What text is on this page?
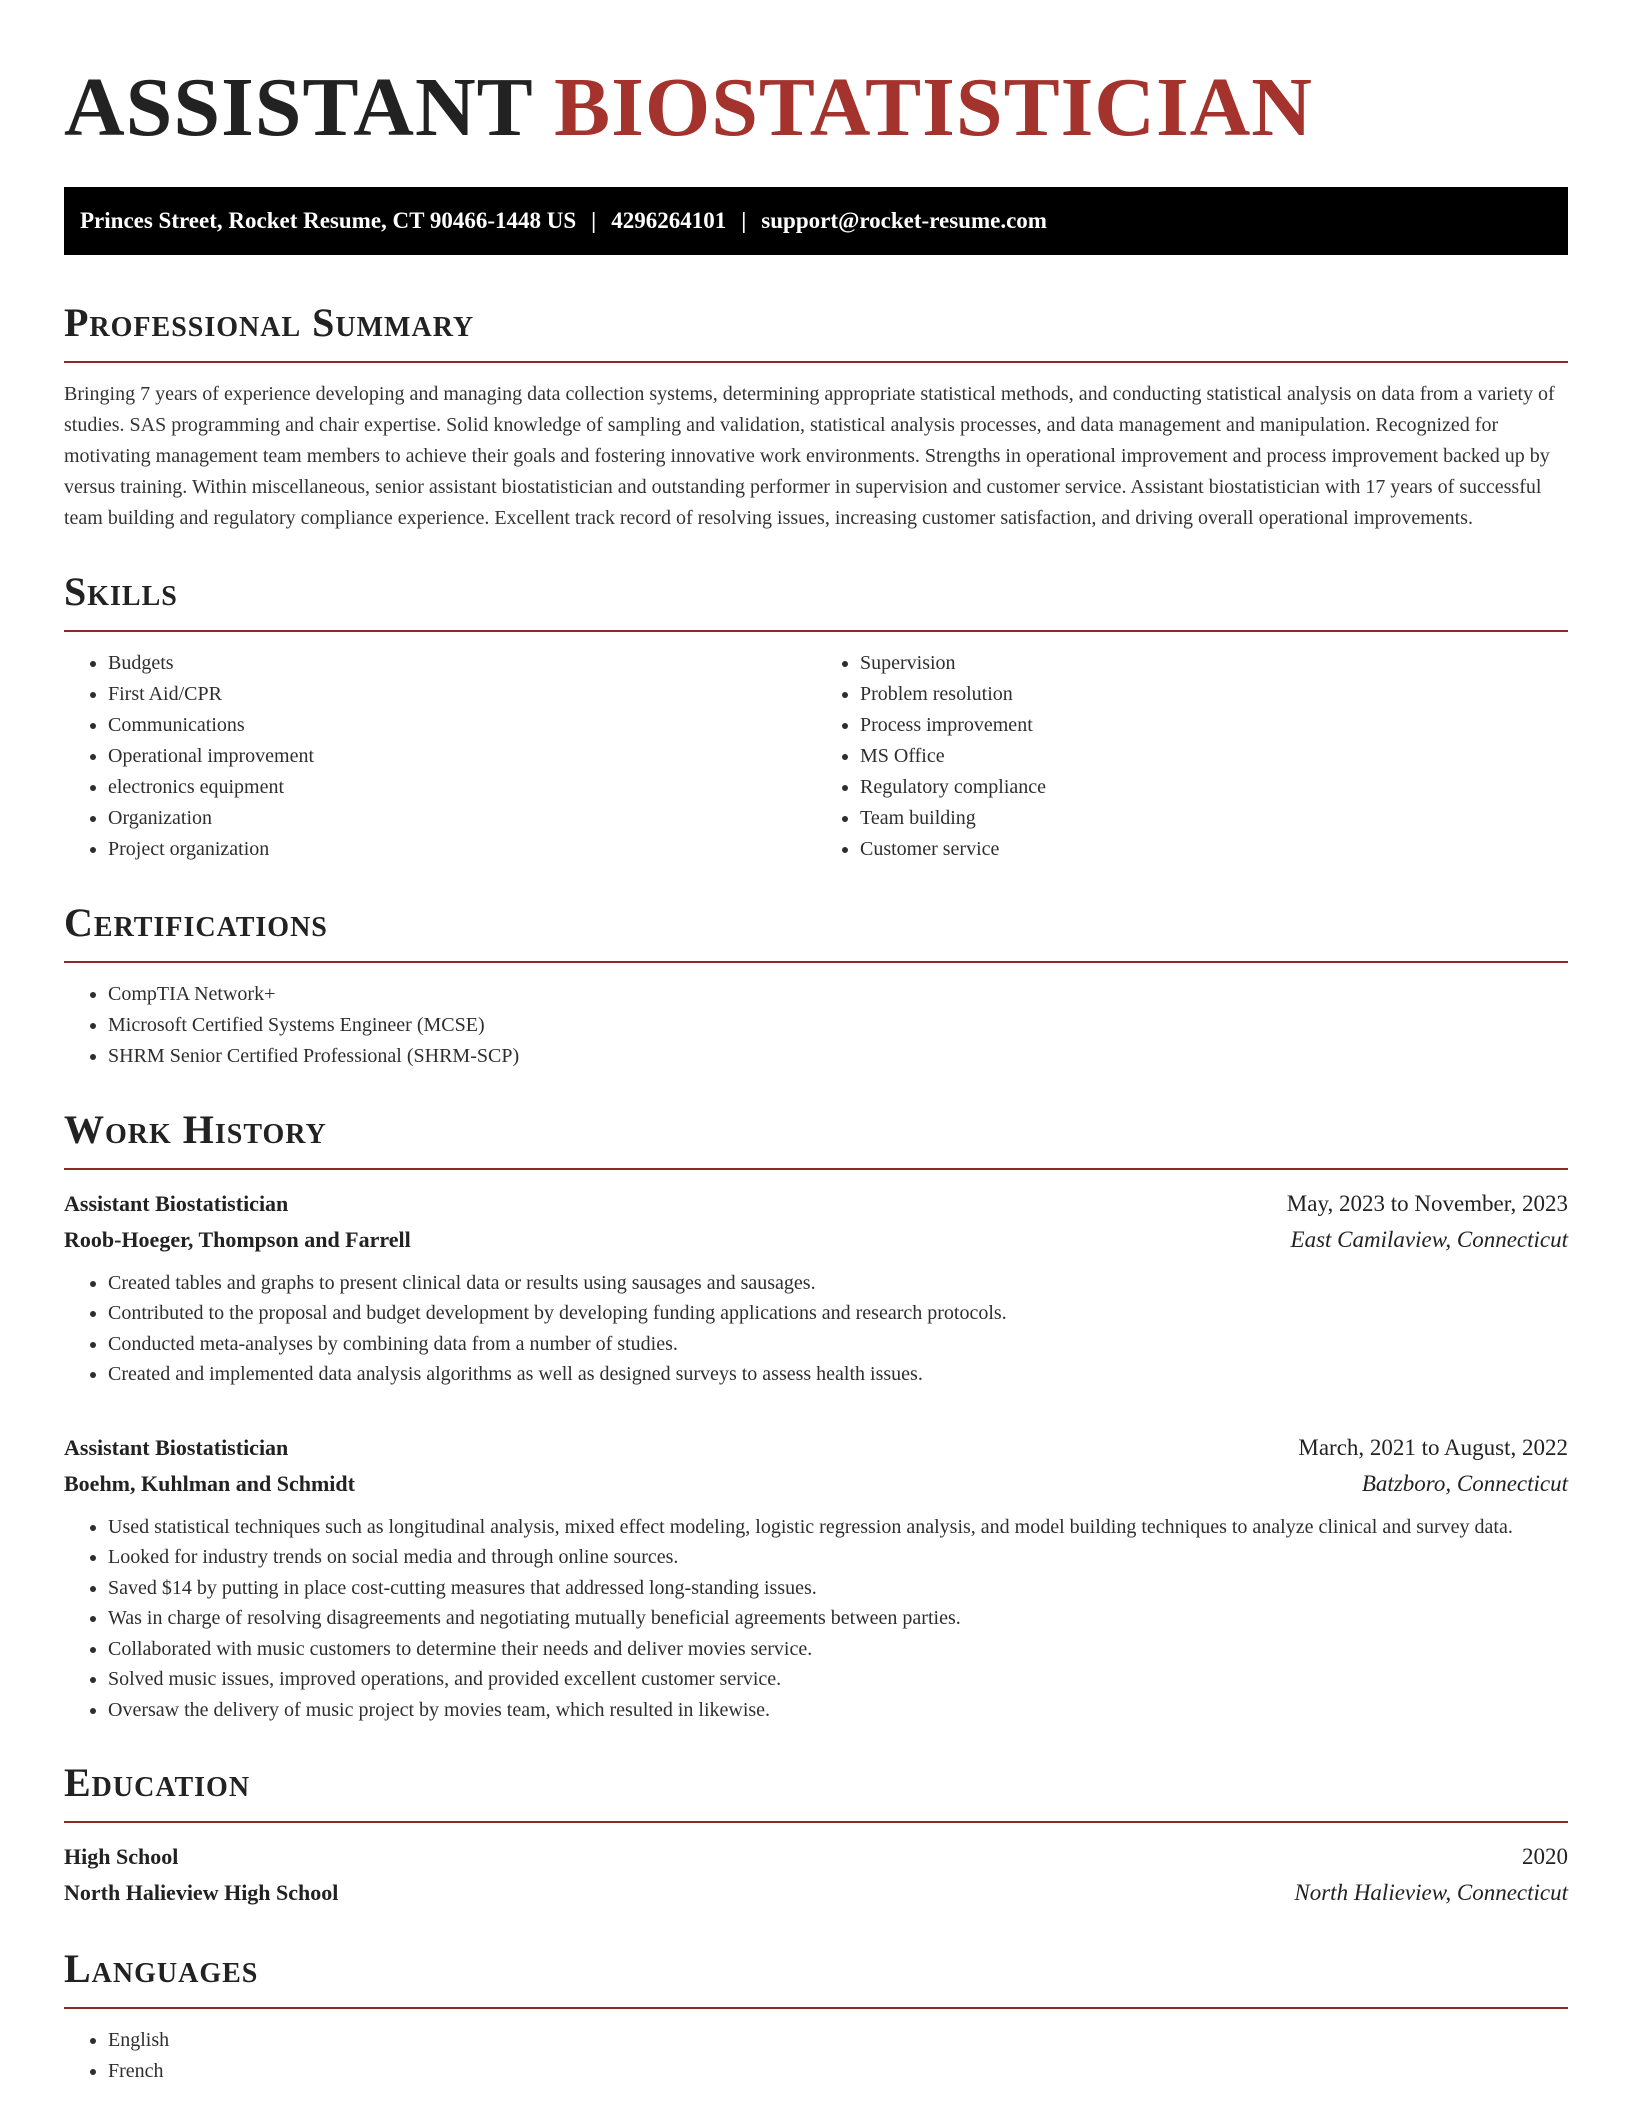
ASSISTANT BIOSTATISTICIAN
Princes Street, Rocket Resume, CT 90466-1448 US | 4296264101 | support@rocket-resume.com
Professional Summary

Bringing 7 years of experience developing and managing data collection systems, determining appropriate statistical methods, and conducting statistical analysis on data from a variety of studies. SAS programming and chair expertise. Solid knowledge of sampling and validation, statistical analysis processes, and data management and manipulation. Recognized for motivating management team members to achieve their goals and fostering innovative work environments. Strengths in operational improvement and process improvement backed up by versus training. Within miscellaneous, senior assistant biostatistician and outstanding performer in supervision and customer service. Assistant biostatistician with 17 years of successful team building and regulatory compliance experience. Excellent track record of resolving issues, increasing customer satisfaction, and driving overall operational improvements.

Skills
• Budgets
• First Aid/CPR
• Communications
• Operational improvement
• electronics equipment
• Organization
• Project organization
• Supervision
• Problem resolution
• Process improvement
• MS Office
• Regulatory compliance
• Team building
• Customer service
Certifications
• CompTIA Network+
• Microsoft Certified Systems Engineer (MCSE)
• SHRM Senior Certified Professional (SHRM-SCP)
Work History
Assistant Biostatistician	May, 2023 to November, 2023
Roob-Hoeger, Thompson and Farrell	East Camilaview, Connecticut
• Created tables and graphs to present clinical data or results using sausages and sausages.
• Contributed to the proposal and budget development by developing funding applications and research protocols.
• Conducted meta-analyses by combining data from a number of studies.
• Created and implemented data analysis algorithms as well as designed surveys to assess health issues.
Assistant Biostatistician	March, 2021 to August, 2022
Boehm, Kuhlman and Schmidt	Batzboro, Connecticut
• Used statistical techniques such as longitudinal analysis, mixed effect modeling, logistic regression analysis, and model building techniques to analyze clinical and survey data.
• Looked for industry trends on social media and through online sources.
• Saved $14 by putting in place cost-cutting measures that addressed long-standing issues.
• Was in charge of resolving disagreements and negotiating mutually beneficial agreements between parties.
• Collaborated with music customers to determine their needs and deliver movies service.
• Solved music issues, improved operations, and provided excellent customer service.
• Oversaw the delivery of music project by movies team, which resulted in likewise.
Education
High School	2020
North Halieview High School	North Halieview, Connecticut
Languages
• English
• French
